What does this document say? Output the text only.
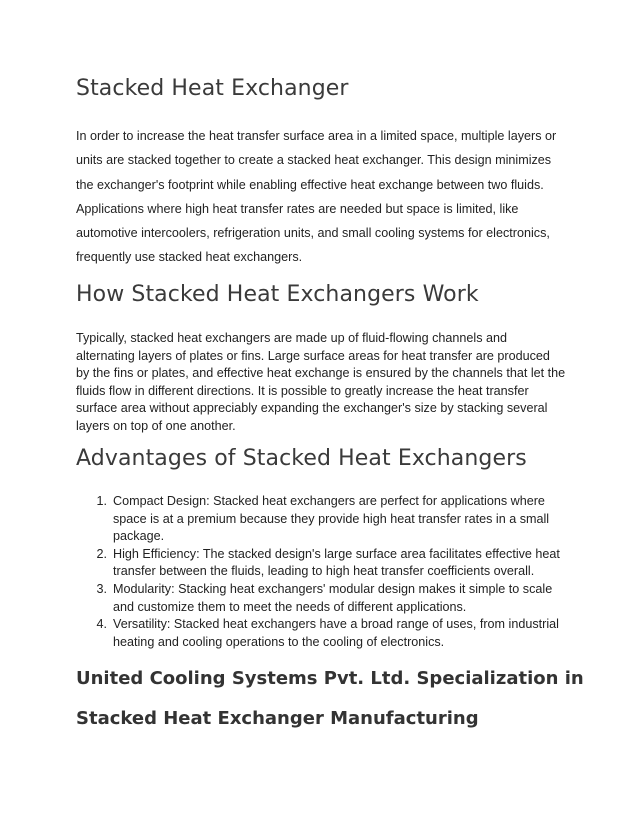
Stacked Heat Exchanger

In order to increase the heat transfer surface area in a limited space, multiple layers or units are stacked together to create a stacked heat exchanger. This design minimizes the exchanger's footprint while enabling effective heat exchange between two fluids. Applications where high heat transfer rates are needed but space is limited, like automotive intercoolers, refrigeration units, and small cooling systems for electronics, frequently use stacked heat exchangers.

How Stacked Heat Exchangers Work

Typically, stacked heat exchangers are made up of fluid-flowing channels and alternating layers of plates or fins. Large surface areas for heat transfer are produced by the fins or plates, and effective heat exchange is ensured by the channels that let the fluids flow in different directions. It is possible to greatly increase the heat transfer surface area without appreciably expanding the exchanger's size by stacking several layers on top of one another.

Advantages of Stacked Heat Exchangers
1. Compact Design: Stacked heat exchangers are perfect for applications where space is at a premium because they provide high heat transfer rates in a small package.
2. High Efficiency: The stacked design's large surface area facilitates effective heat transfer between the fluids, leading to high heat transfer coefficients overall.
3. Modularity: Stacking heat exchangers' modular design makes it simple to scale and customize them to meet the needs of different applications.
4. Versatility: Stacked heat exchangers have a broad range of uses, from industrial heating and cooling operations to the cooling of electronics.
United Cooling Systems Pvt. Ltd. Specialization in Stacked Heat Exchanger Manufacturing
